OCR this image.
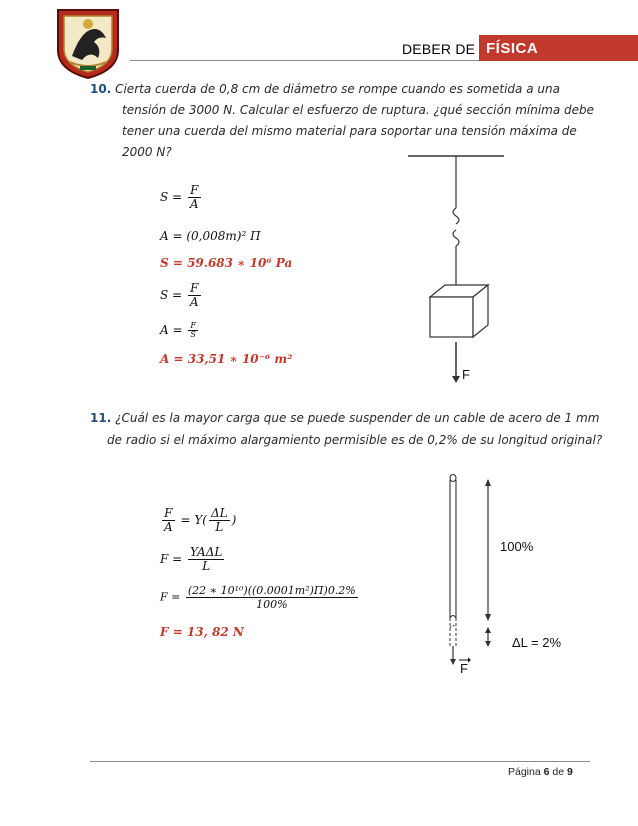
DEBER DE FÍSICA
10. Cierta cuerda de 0,8 cm de diámetro se rompe cuando es sometida a una
tensión de 3000 N. Calcular el esfuerzo de ruptura. ¿qué sección mínima debe
tener una cuerda del mismo material para soportar una tensión máxima de
2000 N?
$S = \frac{F}{A}$
A = (0,008m)² Π
S = 59.683 ∗ 10⁶ Pa
$S = \frac{F}{A}$
$A = \frac{F}{S}$
A = 33,51 ∗ 10⁻⁶ m²
F
11. ¿Cuál es la mayor carga que se puede suspender de un cable de acero de 1 mm
de radio si el máximo alargamiento permisible es de 0,2% de su longitud original?
$\frac{F}{A} = Y( \frac{\Delta L}{L}$ )
$F = \frac{\text{YAΔL}}{L}$
$F = \frac{\text{(22 ∗ 10¹⁰)((0.0001m²)Π)0.2\%}}{100\%}$
F = 13, 82 N
100%
ΔL = 2%
F
Página 6 de 9
